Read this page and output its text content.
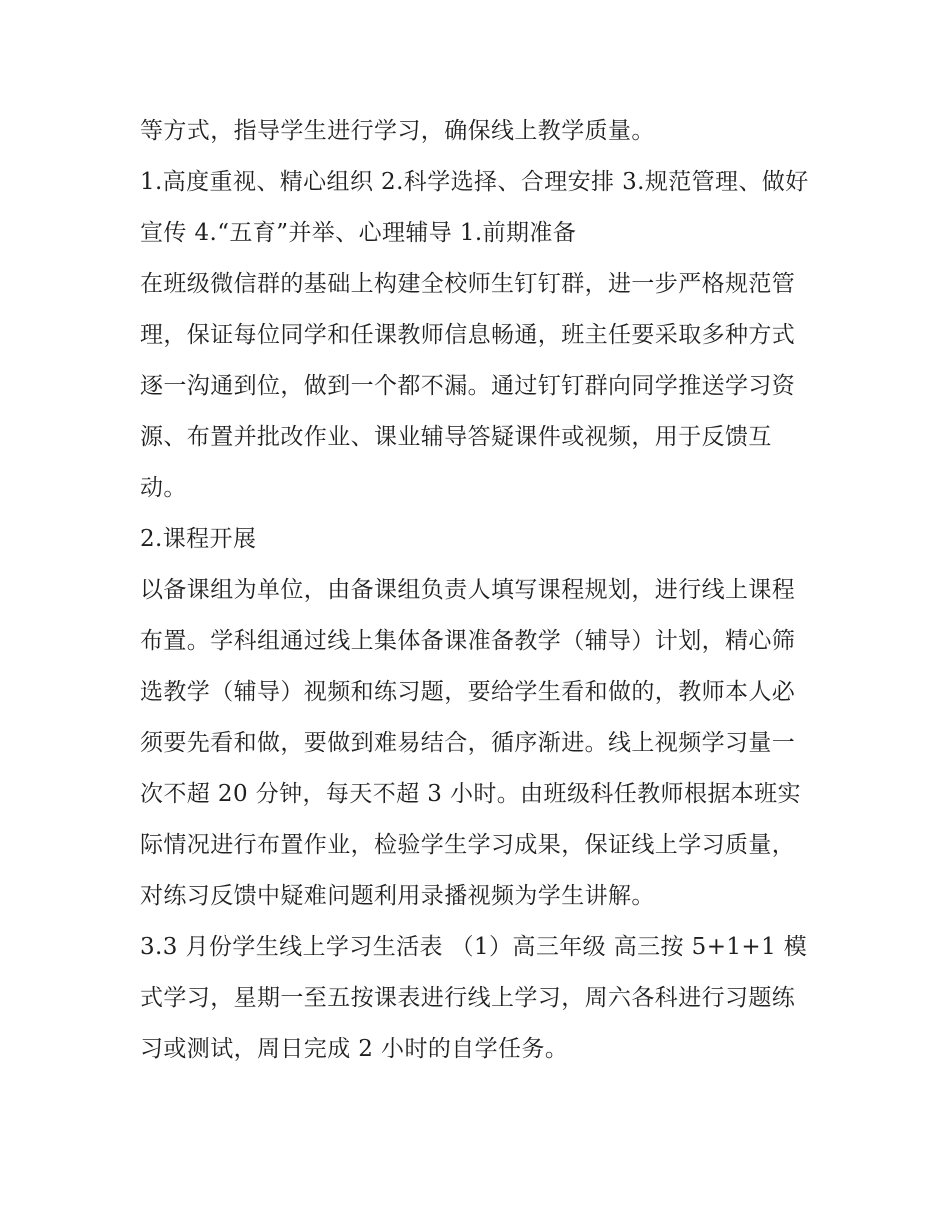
等方式，指导学生进行学习，确保线上教学质量。

1.高度重视、精心组织 2.科学选择、合理安排 3.规范管理、做好宣传 4.“五育”并举、心理辅导 1.前期准备

在班级微信群的基础上构建全校师生钉钉群，进一步严格规范管理，保证每位同学和任课教师信息畅通，班主任要采取多种方式逐一沟通到位，做到一个都不漏。通过钉钉群向同学推送学习资源、布置并批改作业、课业辅导答疑课件或视频，用于反馈互动。

2.课程开展

以备课组为单位，由备课组负责人填写课程规划，进行线上课程布置。学科组通过线上集体备课准备教学（辅导）计划，精心筛选教学（辅导）视频和练习题，要给学生看和做的，教师本人必须要先看和做，要做到难易结合，循序渐进。线上视频学习量一次不超 20 分钟，每天不超 3 小时。由班级科任教师根据本班实际情况进行布置作业，检验学生学习成果，保证线上学习质量，对练习反馈中疑难问题利用录播视频为学生讲解。

3.3 月份学生线上学习生活表 （1）高三年级 高三按 5+1+1 模式学习，星期一至五按课表进行线上学习，周六各科进行习题练习或测试，周日完成 2 小时的自学任务。
